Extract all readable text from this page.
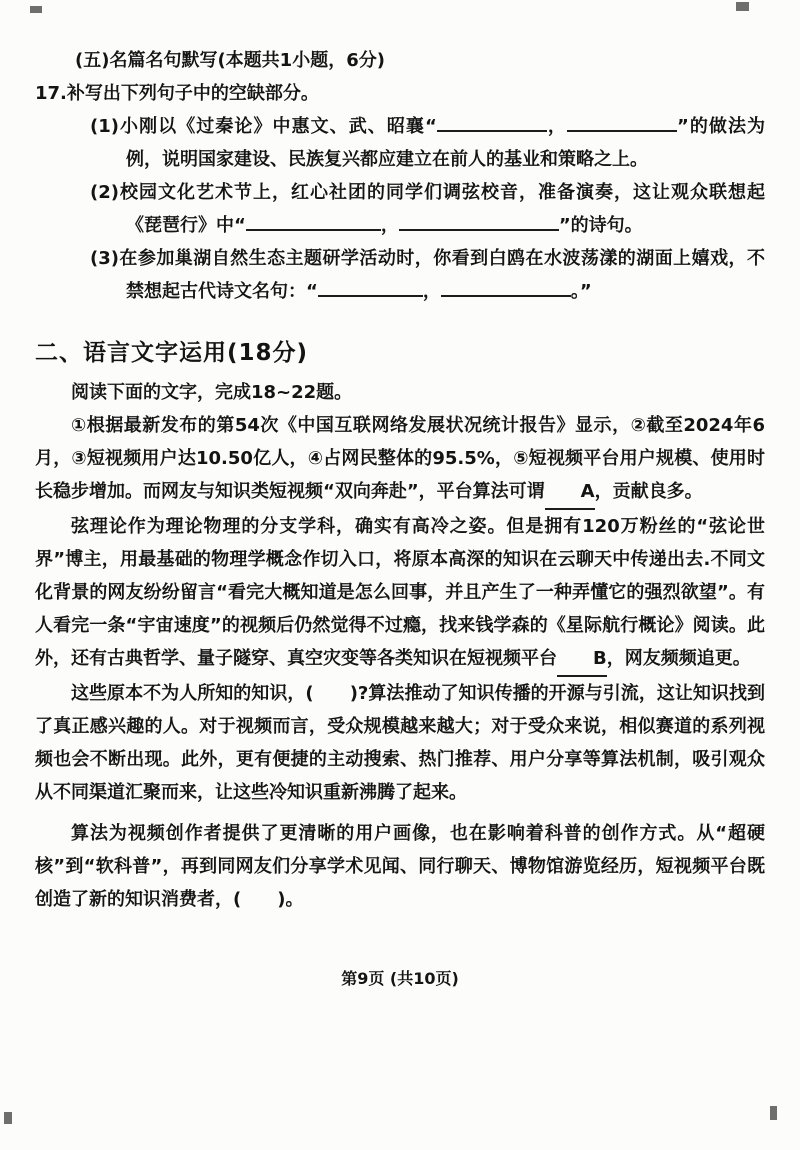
(五)名篇名句默写(本题共1小题，6分)
17.补写出下列句子中的空缺部分。
(1)小刚以《过秦论》中惠文、武、昭襄“	，	”的做法为例，说明国家建设、民族复兴都应建立在前人的基业和策略之上。
(2)校园文化艺术节上，红心社团的同学们调弦校音，准备演奏，这让观众联想起《琵琶行》中“	，	”的诗句。
(3)在参加巢湖自然生态主题研学活动时，你看到白鸥在水波荡漾的湖面上嬉戏，不禁想起古代诗文名句：“	，	。”
二、语言文字运用(18分)
阅读下面的文字，完成18~22题。

①根据最新发布的第54次《中国互联网络发展状况统计报告》显示，②截至2024年6月，③短视频用户达10.50亿人，④占网民整体的95.5%，⑤短视频平台用户规模、使用时长稳步增加。而网友与知识类短视频“双向奔赴”，平台算法可谓 A，贡献良多。

弦理论作为理论物理的分支学科，确实有高冷之姿。但是拥有120万粉丝的“弦论世界”博主，用最基础的物理学概念作切入口，将原本高深的知识在云聊天中传递出去.不同文化背景的网友纷纷留言“看完大概知道是怎么回事，并且产生了一种弄懂它的强烈欲望”。有人看完一条“宇宙速度”的视频后仍然觉得不过瘾，找来钱学森的《星际航行概论》阅读。此外，还有古典哲学、量子隧穿、真空灾变等各类知识在短视频平台 B，网友频频追更。

这些原本不为人所知的知识，(　　)?算法推动了知识传播的开源与引流，这让知识找到了真正感兴趣的人。对于视频而言，受众规模越来越大；对于受众来说，相似赛道的系列视频也会不断出现。此外，更有便捷的主动搜索、热门推荐、用户分享等算法机制，吸引观众从不同渠道汇聚而来，让这些冷知识重新沸腾了起来。

算法为视频创作者提供了更清晰的用户画像，也在影响着科普的创作方式。从“超硬核”到“软科普”，再到同网友们分享学术见闻、同行聊天、博物馆游览经历，短视频平台既创造了新的知识消费者，(　　)。

第9页 (共10页)
